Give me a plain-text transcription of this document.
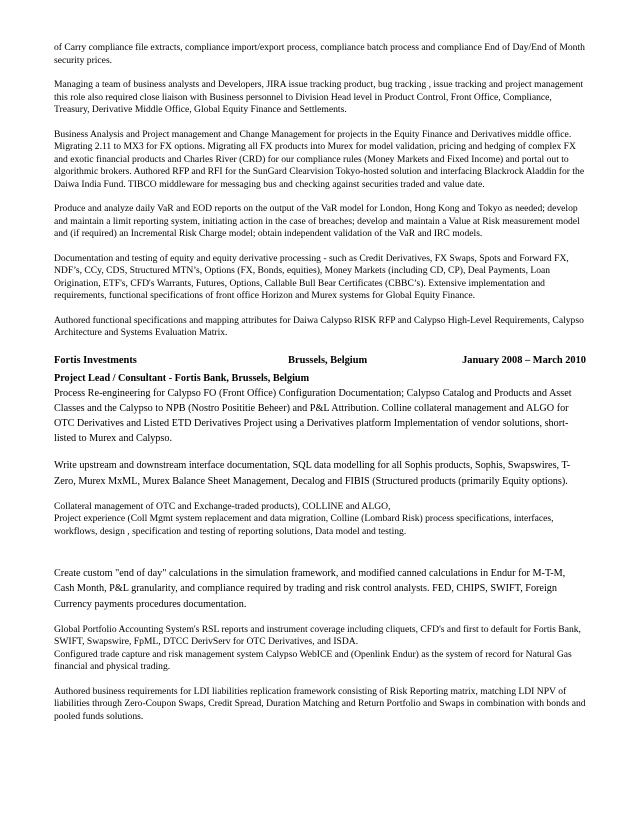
of Carry compliance file extracts, compliance import/export process, compliance batch process and compliance End of Day/End of Month security prices.

Managing a team of business analysts and Developers, JIRA issue tracking product, bug tracking , issue tracking and project management this role also required close liaison with Business personnel to Division Head level in Product Control, Front Office, Compliance, Treasury, Derivative Middle Office, Global Equity Finance and Settlements.

Business Analysis and Project management and Change Management for projects in the Equity Finance and Derivatives middle office. Migrating 2.11 to MX3 for FX options. Migrating all FX products into Murex for model validation, pricing and hedging of complex FX and exotic financial products and Charles River (CRD) for our compliance rules (Money Markets and Fixed Income) and portal out to algorithmic brokers. Authored RFP and RFI for the SunGard Clearvision Tokyo-hosted solution and interfacing Blackrock Aladdin for the Daiwa India Fund. TIBCO middleware for messaging bus and checking against securities traded and value date.

Produce and analyze daily VaR and EOD reports on the output of the VaR model for London, Hong Kong and Tokyo as needed; develop and maintain a limit reporting system, initiating action in the case of breaches; develop and maintain a Value at Risk measurement model and (if required) an Incremental Risk Charge model; obtain independent validation of the VaR and IRC models.

Documentation and testing of equity and equity derivative processing - such as Credit Derivatives, FX Swaps, Spots and Forward FX, NDF’s, CCy, CDS, Structured MTN’s, Options (FX, Bonds, equities), Money Markets (including CD, CP), Deal Payments, Loan Origination, ETF's, CFD's Warrants, Futures, Options, Callable Bull Bear Certificates (CBBC’s). Extensive implementation and requirements, functional specifications of front office Horizon and Murex systems for Global Equity Finance.

Authored functional specifications and mapping attributes for Daiwa Calypso RISK RFP and Calypso High-Level Requirements, Calypso Architecture and Systems Evaluation Matrix.

Fortis Investments	Brussels, Belgium	January 2008 – March 2010

Project Lead / Consultant - Fortis Bank, Brussels, Belgium

Process Re-engineering for Calypso FO (Front Office) Configuration Documentation; Calypso Catalog and Products and Asset Classes and the Calypso to NPB (Nostro Posititie Beheer) and P&L Attribution. Colline collateral management and ALGO for OTC Derivatives and Listed ETD Derivatives Project using a Derivatives platform Implementation of vendor solutions, short-listed to Murex and Calypso.

Write upstream and downstream interface documentation, SQL data modelling for all Sophis products, Sophis, Swapswires, T-Zero, Murex MxML, Murex Balance Sheet Management, Decalog and FIBIS (Structured products (primarily Equity options).

Collateral management of OTC and Exchange-traded products), COLLINE and ALGO,
Project experience (Coll Mgmt system replacement and data migration, Colline (Lombard Risk) process specifications, interfaces, workflows, design , specification and testing of reporting solutions, Data model and testing.

Create custom "end of day" calculations in the simulation framework, and modified canned calculations in Endur for M-T-M, Cash Month, P&L granularity, and compliance required by trading and risk control analysts. FED, CHIPS, SWIFT, Foreign Currency payments procedures documentation.

Global Portfolio Accounting System's RSL reports and instrument coverage including cliquets, CFD's and first to default for Fortis Bank, SWIFT, Swapswire, FpML, DTCC DerivServ for OTC Derivatives, and ISDA.
Configured trade capture and risk management system Calypso WebICE and (Openlink Endur) as the system of record for Natural Gas financial and physical trading.

Authored business requirements for LDI liabilities replication framework consisting of Risk Reporting matrix, matching LDI NPV of liabilities through Zero-Coupon Swaps, Credit Spread, Duration Matching and Return Portfolio and Swaps in combination with bonds and pooled funds solutions.
